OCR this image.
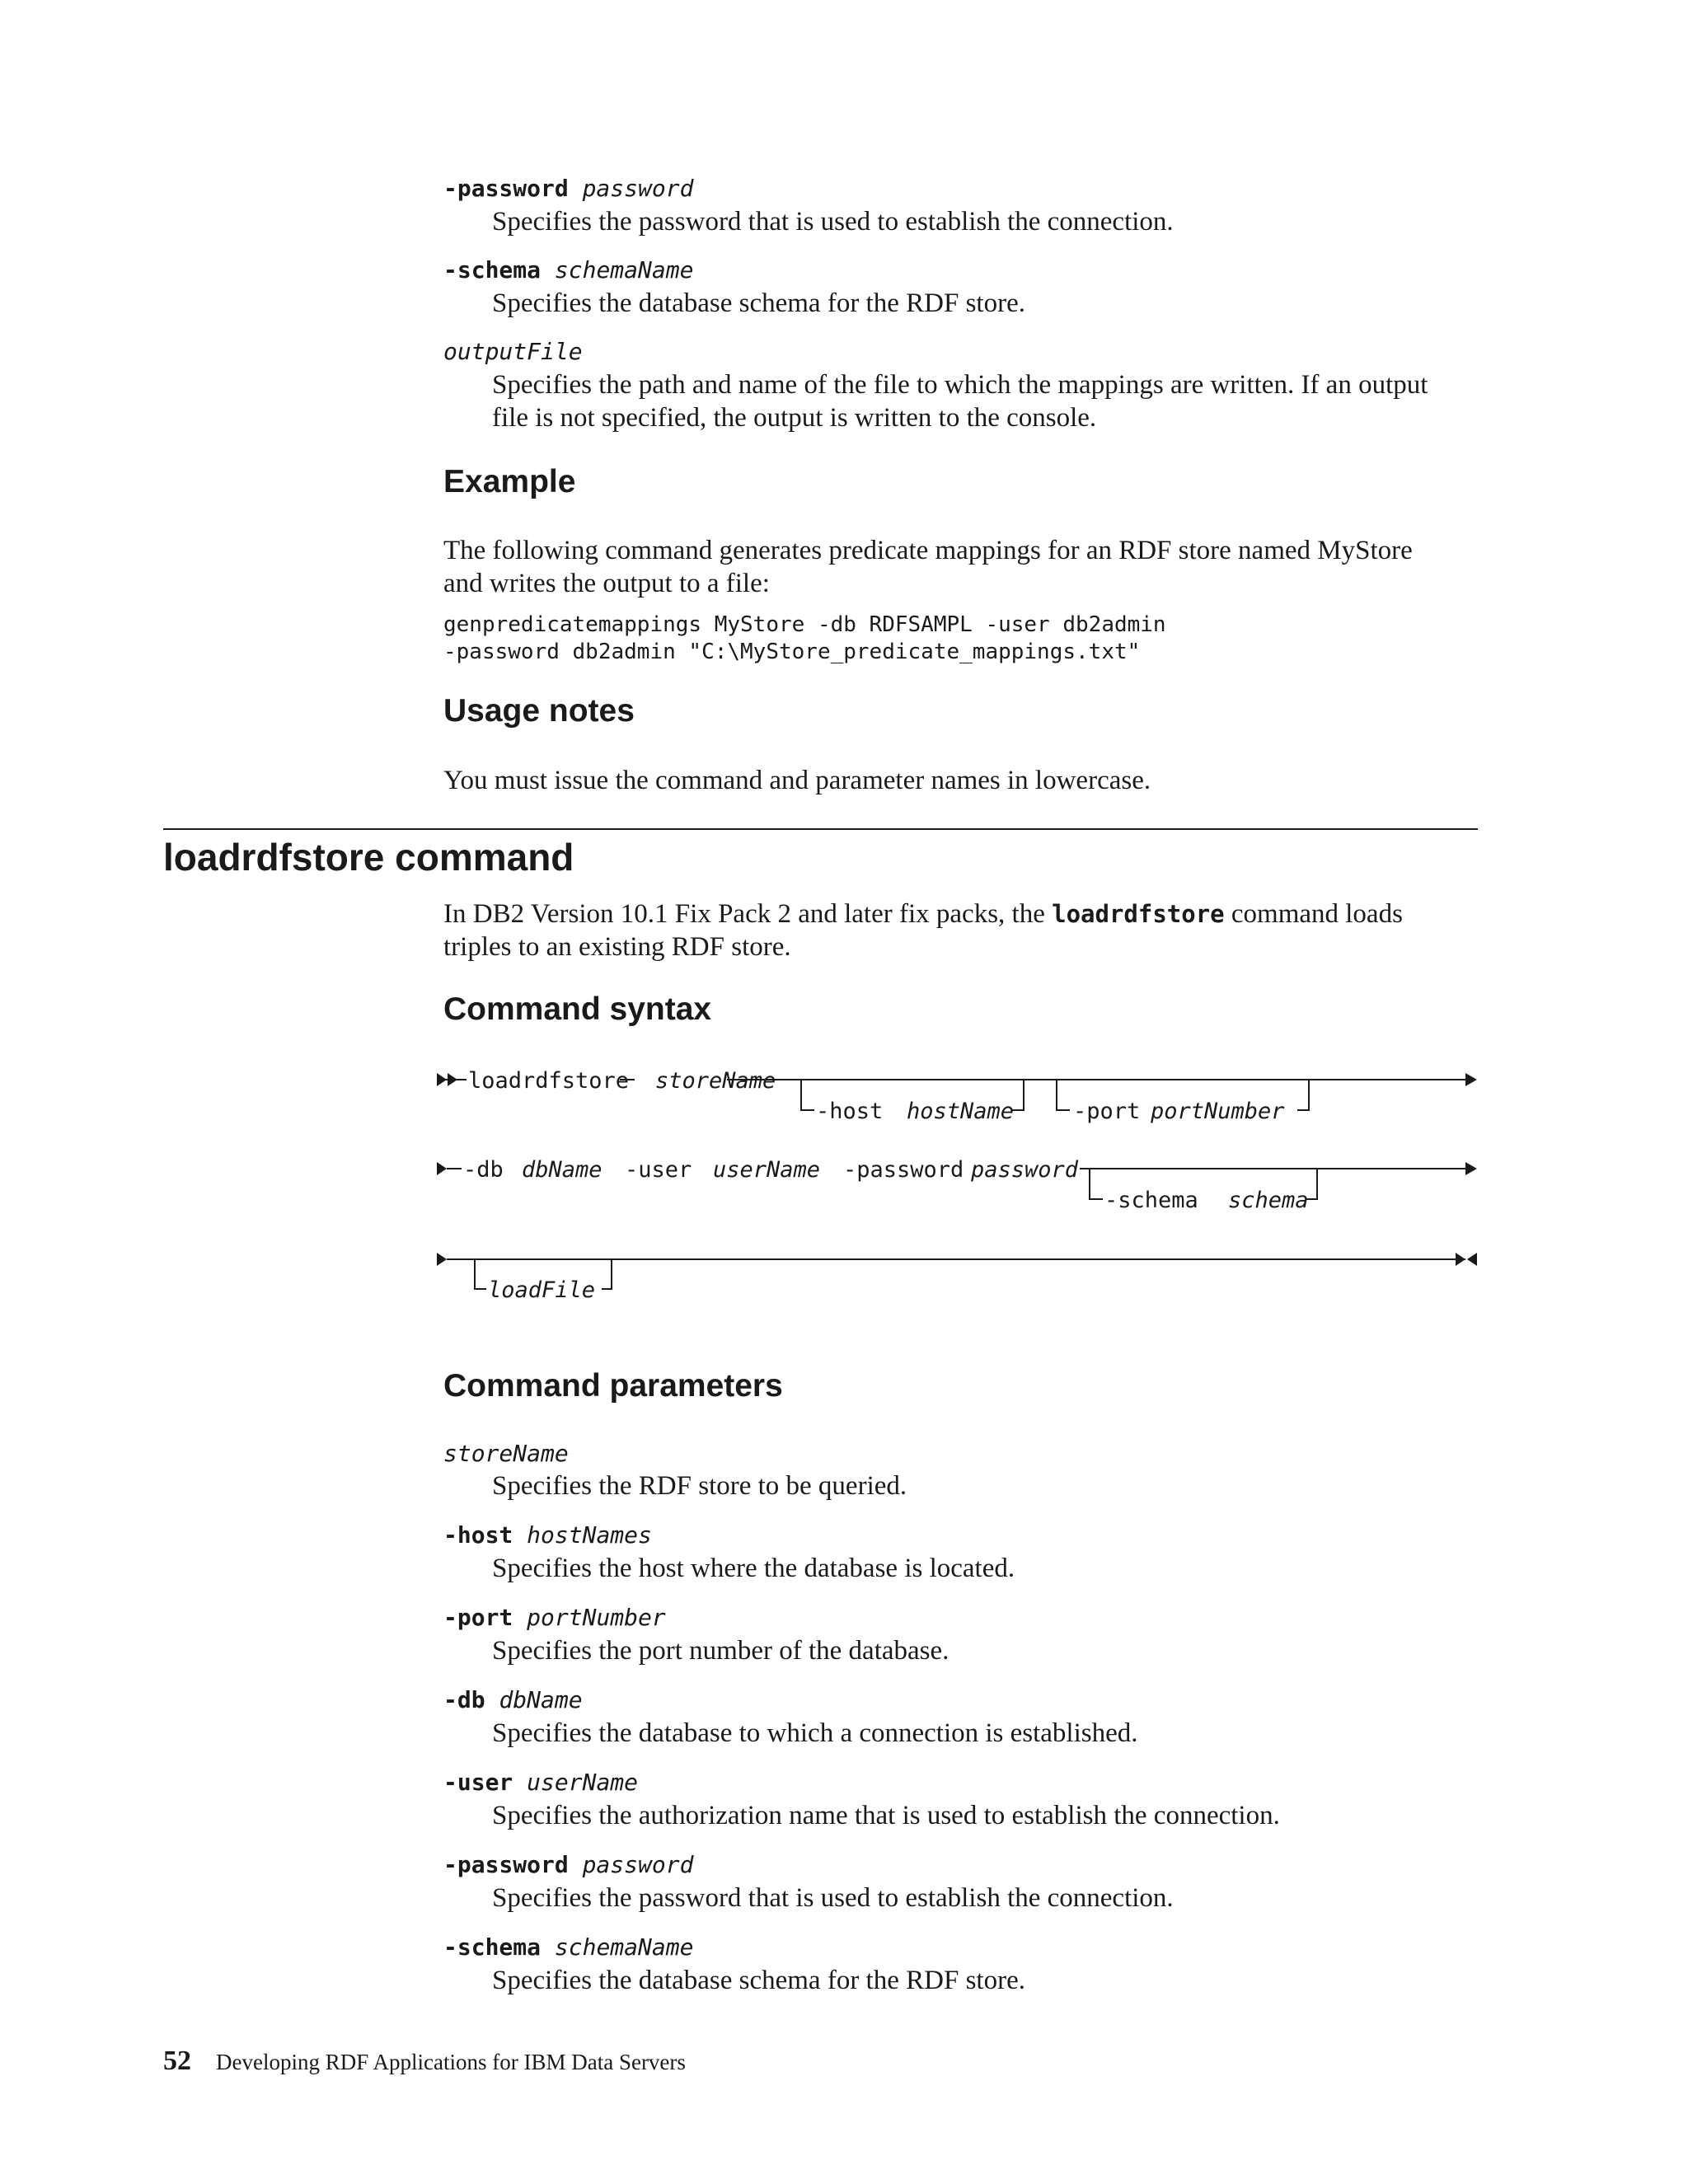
-password password
Specifies the password that is used to establish the connection.
-schema schemaName
Specifies the database schema for the RDF store.
outputFile
Specifies the path and name of the file to which the mappings are written. If an output file is not specified, the output is written to the console.
Example
The following command generates predicate mappings for an RDF store named MyStore and writes the output to a file:
genpredicatemappings MyStore -db RDFSAMPL -user db2admin
-password db2admin "C:\MyStore_predicate_mappings.txt"
Usage notes
You must issue the command and parameter names in lowercase.
loadrdfstore command
In DB2 Version 10.1 Fix Pack 2 and later fix packs, the loadrdfstore command loads triples to an existing RDF store.
Command syntax
loadrdfstore storeName
-host hostName	-port portNumber
-db dbName -user userName -password password
-schema schema
loadFile
Command parameters
storeName
Specifies the RDF store to be queried.
-host hostNames
Specifies the host where the database is located.
-port portNumber
Specifies the port number of the database.
-db dbName
Specifies the database to which a connection is established.
-user userName
Specifies the authorization name that is used to establish the connection.
-password password
Specifies the password that is used to establish the connection.
-schema schemaName
Specifies the database schema for the RDF store.
52 Developing RDF Applications for IBM Data Servers
